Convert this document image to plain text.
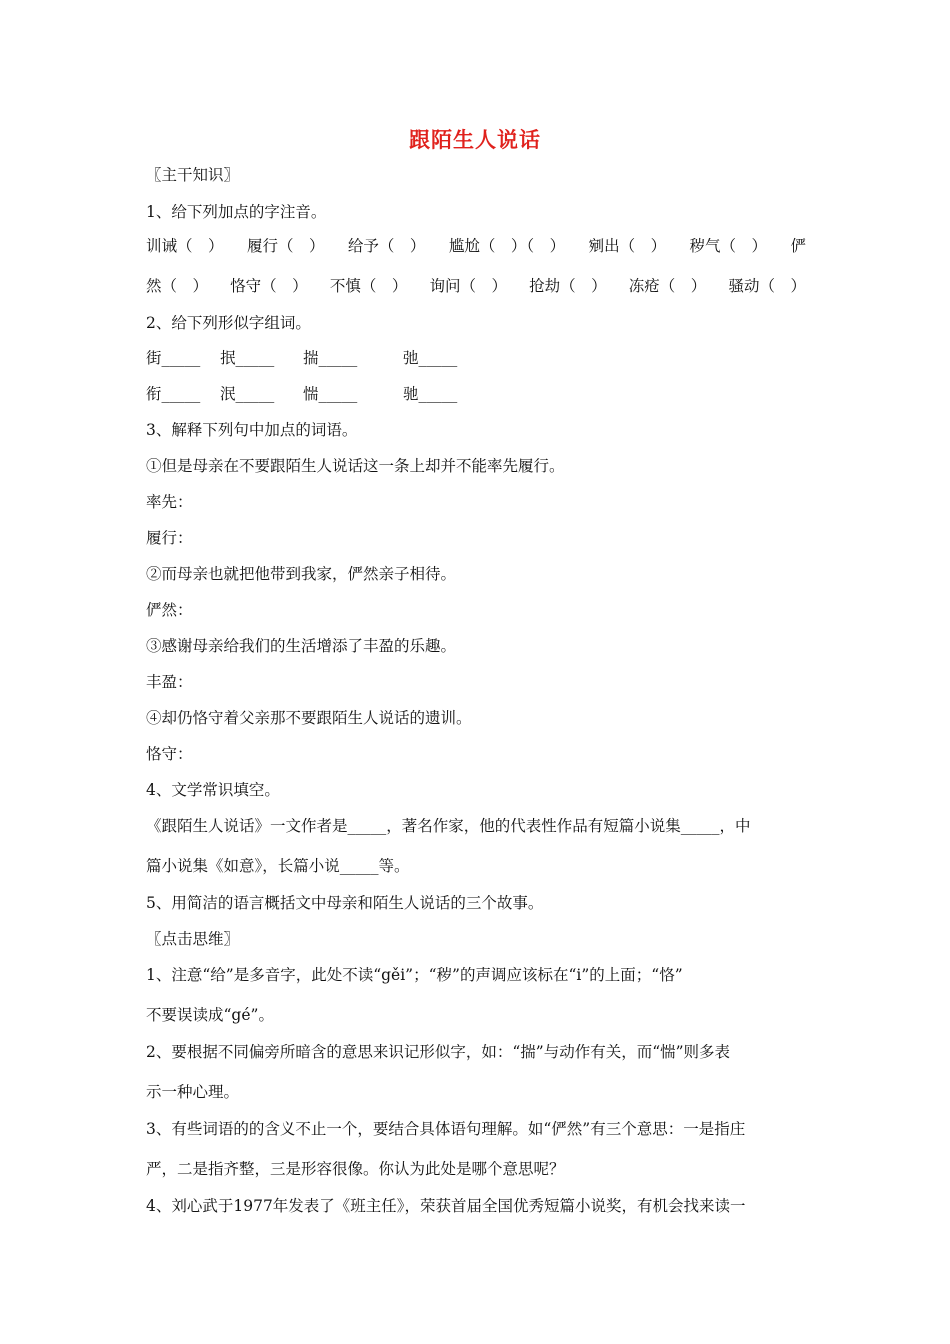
跟陌生人说话
〖主干知识〗
1、给下列加点的字注音。
训诫（　） 履行（　） 给予（　） 尴尬（　）（　） 剜出（　） 秽气（　） 俨
然（　） 恪守（　） 不慎（　） 询问（　） 抢劫（　） 冻疮（　） 骚动（　）
2、给下列形似字组词。
街_____ 抿_____ 揣_____	弛_____
衔_____ 泯_____ 惴_____	驰_____
3、解释下列句中加点的词语。
①但是母亲在不要跟陌生人说话这一条上却并不能率先履行。
率先：
履行：
②而母亲也就把他带到我家，俨然亲子相待。
俨然：
③感谢母亲给我们的生活增添了丰盈的乐趣。
丰盈：
④却仍恪守着父亲那不要跟陌生人说话的遗训。
恪守：
4、文学常识填空。
《跟陌生人说话》一文作者是_____，著名作家，他的代表性作品有短篇小说集_____，中
篇小说集《如意》，长篇小说_____等。
5、用简洁的语言概括文中母亲和陌生人说话的三个故事。
〖点击思维〗
1、注意“给”是多音字，此处不读“gěi”；“秽”的声调应该标在“i”的上面；“恪”
不要误读成“gé”。
2、要根据不同偏旁所暗含的意思来识记形似字，如：“揣”与动作有关，而“惴”则多表
示一种心理。
3、有些词语的的含义不止一个，要结合具体语句理解。如“俨然”有三个意思：一是指庄
严，二是指齐整，三是形容很像。你认为此处是哪个意思呢？
4、刘心武于1977年发表了《班主任》，荣获首届全国优秀短篇小说奖，有机会找来读一
